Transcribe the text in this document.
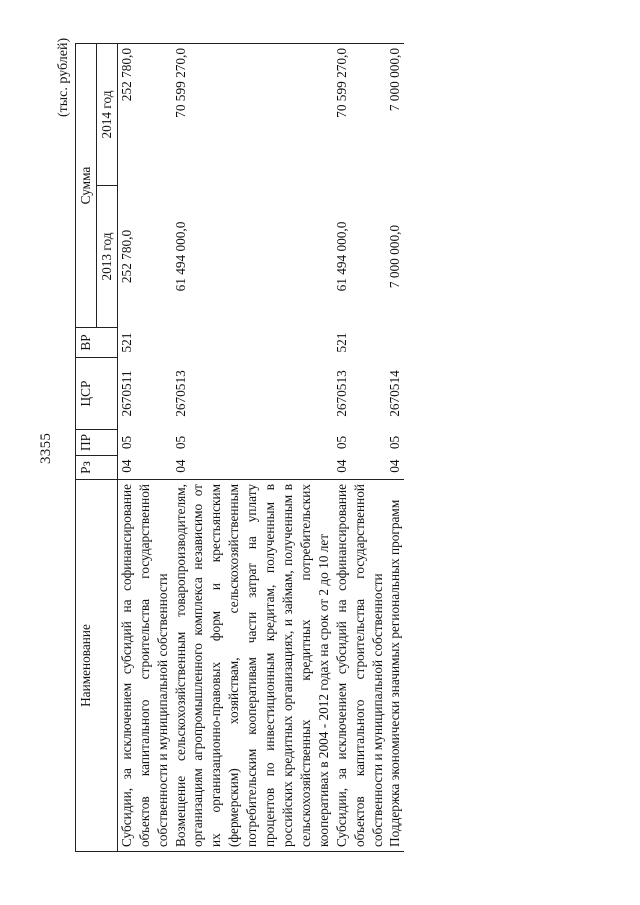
3355
(тыс. рублей)
Наименование	Рз	ПР	ЦСР	ВР	Сумма	
					2013 год	2014 год
Субсидии, за исключением субсидий на софинансирование объектов капитального строительства государственной собственности и муниципальной собственности	04	05	2670511	521	252 780,0	252 780,0
Возмещение сельскохозяйственным товаропроизводителям, организациям агропромышленного комплекса независимо от их организационно-правовых форм и крестьянским (фермерским) хозяйствам, сельскохозяйственным потребительским кооперативам части затрат на уплату процентов по инвестиционным кредитам, полученным в российских кредитных организациях, и займам, полученным в сельскохозяйственных кредитных потребительских кооперативах в 2004 - 2012 годах на срок от 2 до 10 лет	04	05	2670513		61 494 000,0	70 599 270,0
Субсидии, за исключением субсидий на софинансирование объектов капитального строительства государственной собственности и муниципальной собственности	04	05	2670513	521	61 494 000,0	70 599 270,0
Поддержка экономически значимых региональных программ	04	05	2670514		7 000 000,0	7 000 000,0
